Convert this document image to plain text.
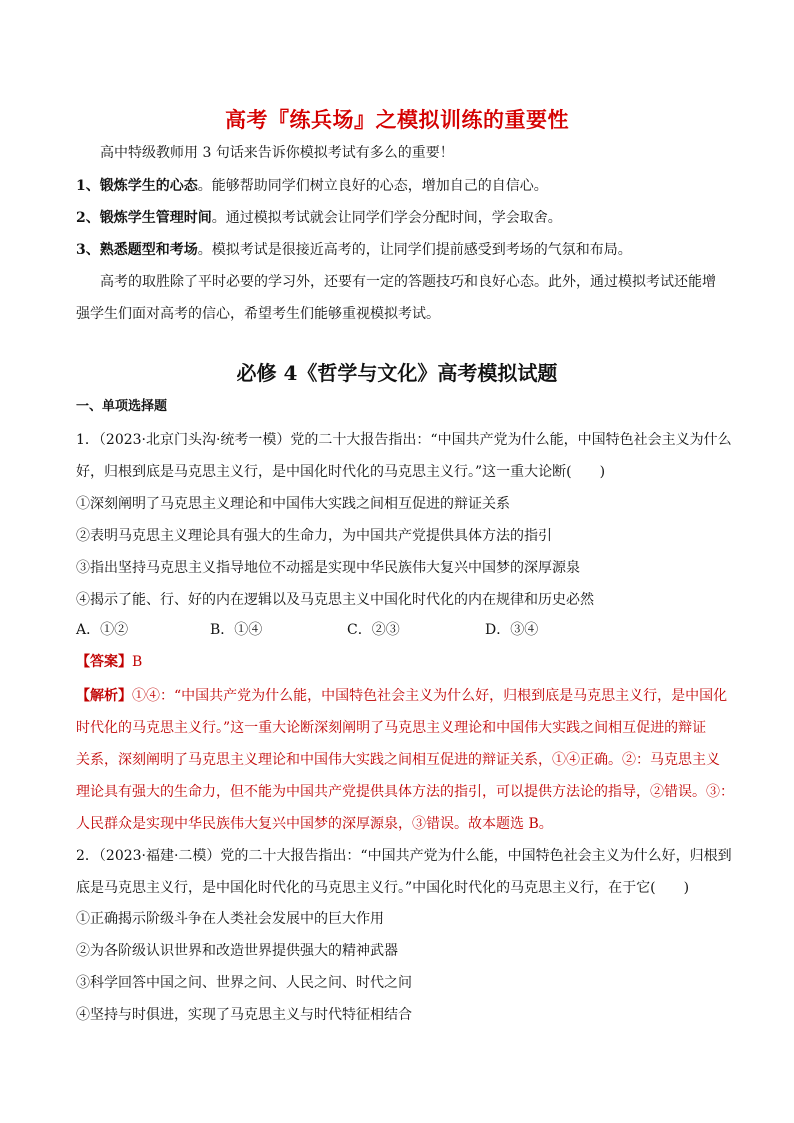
高考『练兵场』之模拟训练的重要性
高中特级教师用 3 句话来告诉你模拟考试有多么的重要！
1、锻炼学生的心态。能够帮助同学们树立良好的心态，增加自己的自信心。
2、锻炼学生管理时间。通过模拟考试就会让同学们学会分配时间，学会取舍。
3、熟悉题型和考场。模拟考试是很接近高考的，让同学们提前感受到考场的气氛和布局。
高考的取胜除了平时必要的学习外，还要有一定的答题技巧和良好心态。此外，通过模拟考试还能增
强学生们面对高考的信心，希望考生们能够重视模拟考试。
必修 4《哲学与文化》高考模拟试题
一、单项选择题
1．（2023·北京门头沟·统考一模）党的二十大报告指出：“中国共产党为什么能，中国特色社会主义为什么
好，归根到底是马克思主义行，是中国化时代化的马克思主义行。”这一重大论断(　　)
①深刻阐明了马克思主义理论和中国伟大实践之间相互促进的辩证关系
②表明马克思主义理论具有强大的生命力，为中国共产党提供具体方法的指引
③指出坚持马克思主义指导地位不动摇是实现中华民族伟大复兴中国梦的深厚源泉
④揭示了能、行、好的内在逻辑以及马克思主义中国化时代化的内在规律和历史必然
A．①②	B．①④	C．②③	D．③④
【答案】B
【解析】①④：“中国共产党为什么能，中国特色社会主义为什么好，归根到底是马克思主义行，是中国化
时代化的马克思主义行。”这一重大论断深刻阐明了马克思主义理论和中国伟大实践之间相互促进的辩证
关系，深刻阐明了马克思主义理论和中国伟大实践之间相互促进的辩证关系，①④正确。②：马克思主义
理论具有强大的生命力，但不能为中国共产党提供具体方法的指引，可以提供方法论的指导，②错误。③：
人民群众是实现中华民族伟大复兴中国梦的深厚源泉，③错误。故本题选 B。
2．（2023·福建·二模）党的二十大报告指出：“中国共产党为什么能，中国特色社会主义为什么好，归根到
底是马克思主义行，是中国化时代化的马克思主义行。”中国化时代化的马克思主义行，在于它(　　)
①正确揭示阶级斗争在人类社会发展中的巨大作用
②为各阶级认识世界和改造世界提供强大的精神武器
③科学回答中国之问、世界之问、人民之问、时代之问
④坚持与时俱进，实现了马克思主义与时代特征相结合
